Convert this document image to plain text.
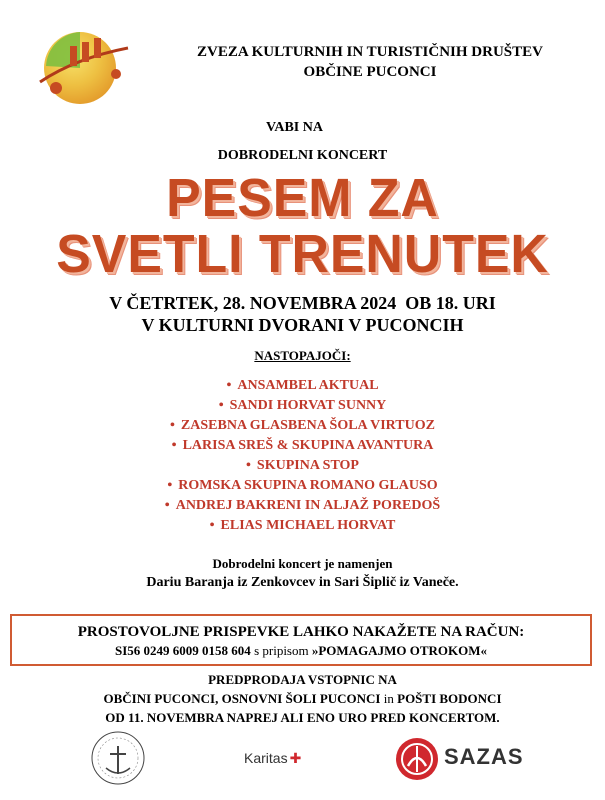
ZVEZA KULTURNIH IN TURISTIČNIH DRUŠTEV
OBČINE PUCONCI
VABI NA
DOBRODELNI KONCERT
PESEM ZA
SVETLI TRENUTEK
V ČETRTEK, 28. NOVEMBRA 2024  OB 18. URI
V KULTURNI DVORANI V PUCONCIH
NASTOPAJOČI:
• ANSAMBEL AKTUAL
• SANDI HORVAT SUNNY
• ZASEBNA GLASBENA ŠOLA VIRTUOZ
• LARISA SREŠ & SKUPINA AVANTURA
• SKUPINA STOP
• ROMSKA SKUPINA ROMANO GLAUSO
• ANDREJ BAKRENI IN ALJAŽ POREDOŠ
• ELIAS MICHAEL HORVAT
Dobrodelni koncert je namenjen
Dariu Baranja iz Zenkovcev in Sari Šiplič iz Vaneče.
PROSTOVOLJNE PRISPEVKE LAHKO NAKAŽETE NA RAČUN:
SI56 0249 6009 0158 604 s pripisom »POMAGAJMO OTROKOM«
PREDPRODAJA VSTOPNIC NA
OBČINI PUCONCI, OSNOVNI ŠOLI PUCONCI in POŠTI BODONCI
OD 11. NOVEMBRA NAPREJ ALI ENO URO PRED KONCERTOM.
Karitas ✚	SAZAS
